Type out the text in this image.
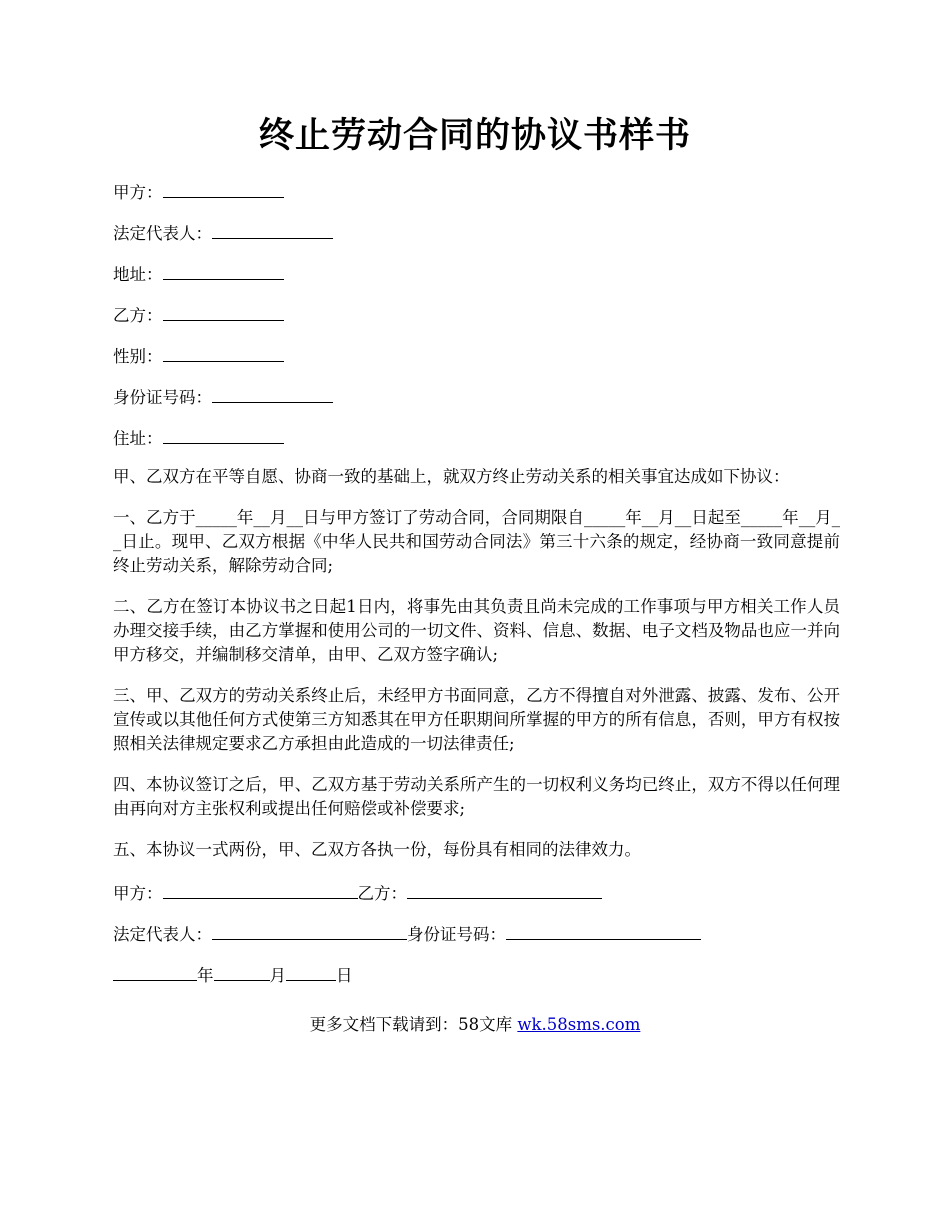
终止劳动合同的协议书样书
甲方：
法定代表人：
地址：
乙方：
性别：
身份证号码：
住址：

甲、乙双方在平等自愿、协商一致的基础上，就双方终止劳动关系的相关事宜达成如下协议：

一、乙方于_____年__月__日与甲方签订了劳动合同，合同期限自_____年__月__日起至_____年__月__日止。现甲、乙双方根据《中华人民共和国劳动合同法》第三十六条的规定，经协商一致同意提前终止劳动关系，解除劳动合同;

二、乙方在签订本协议书之日起1日内，将事先由其负责且尚未完成的工作事项与甲方相关工作人员办理交接手续，由乙方掌握和使用公司的一切文件、资料、信息、数据、电子文档及物品也应一并向甲方移交，并编制移交清单，由甲、乙双方签字确认;

三、甲、乙双方的劳动关系终止后，未经甲方书面同意，乙方不得擅自对外泄露、披露、发布、公开宣传或以其他任何方式使第三方知悉其在甲方任职期间所掌握的甲方的所有信息，否则，甲方有权按照相关法律规定要求乙方承担由此造成的一切法律责任;

四、本协议签订之后，甲、乙双方基于劳动关系所产生的一切权利义务均已终止，双方不得以任何理由再向对方主张权利或提出任何赔偿或补偿要求;

五、本协议一式两份，甲、乙双方各执一份，每份具有相同的法律效力。

甲方：	乙方：
法定代表人：	身份证号码：
年	月	日
更多文档下载请到：58文库 wk.58sms.com
